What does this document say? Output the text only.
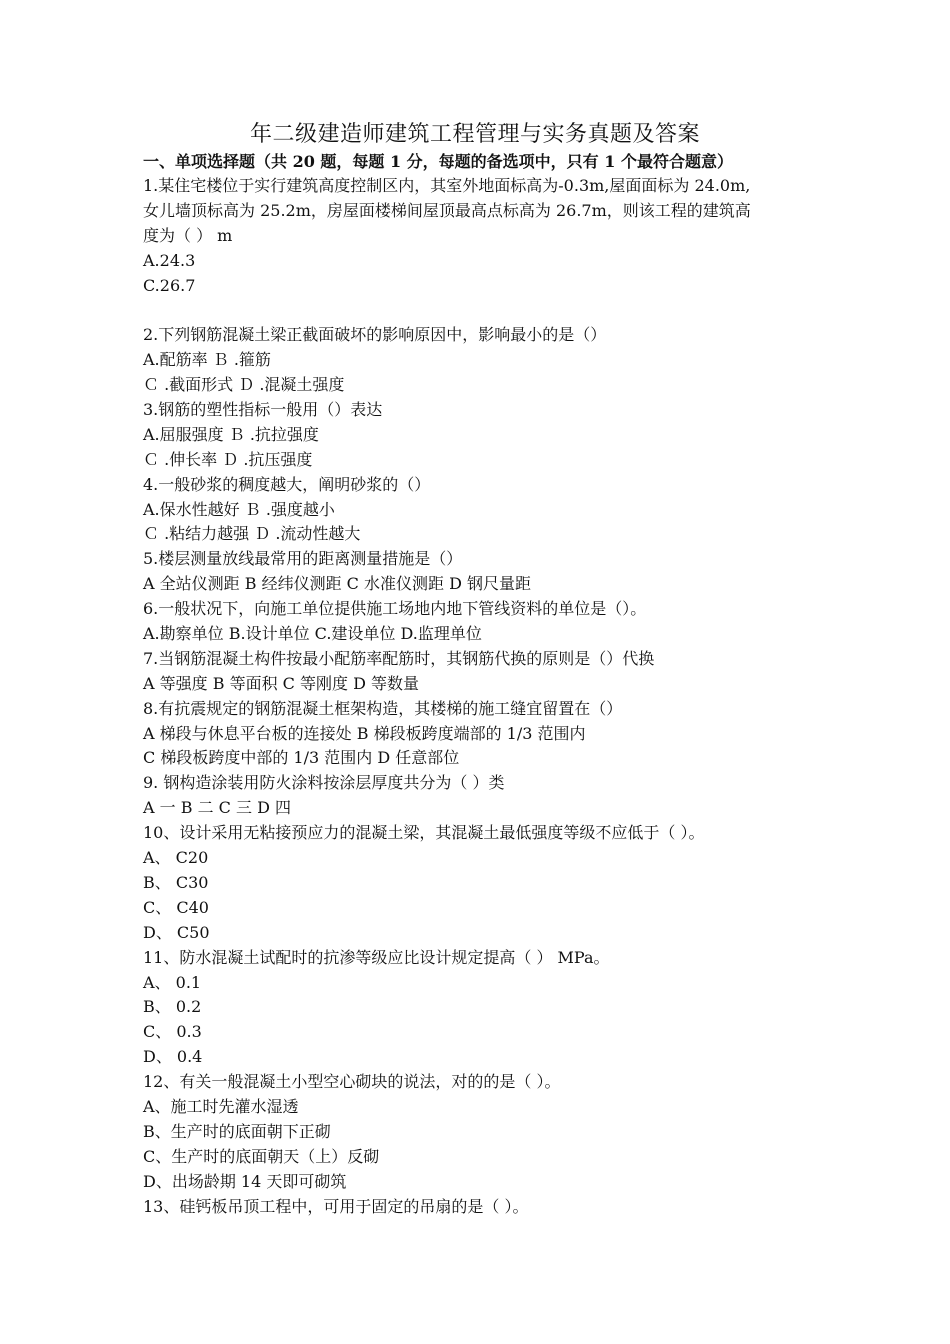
年二级建造师建筑工程管理与实务真题及答案
一、单项选择题（共 20 题，每题 1 分，每题的备选项中，只有 1 个最符合题意）
1.某住宅楼位于实行建筑高度控制区内，其室外地面标高为-0.3m,屋面面标为 24.0m,
女儿墙顶标高为 25.2m，房屋面楼梯间屋顶最高点标高为 26.7m，则该工程的建筑高
度为（ ） m
A.24.3
C.26.7
2.下列钢筋混凝土梁正截面破坏的影响原因中，影响最小的是（）
A.配筋率 Ｂ .箍筋
Ｃ .截面形式 Ｄ .混凝土强度
3.钢筋的塑性指标一般用（）表达
A.屈服强度 Ｂ .抗拉强度
Ｃ .伸长率 Ｄ .抗压强度
4.一般砂浆的稠度越大，阐明砂浆的（）
A.保水性越好 Ｂ .强度越小
Ｃ .粘结力越强 Ｄ .流动性越大
5.楼层测量放线最常用的距离测量措施是（）
A 全站仪测距 B 经纬仪测距 C 水准仪测距 D 钢尺量距
6.一般状况下，向施工单位提供施工场地内地下管线资料的单位是（）。
A.勘察单位 B.设计单位 C.建设单位 D.监理单位
7.当钢筋混凝土构件按最小配筋率配筋时，其钢筋代换的原则是（）代换
A 等强度 B 等面积 C 等刚度 D 等数量
8.有抗震规定的钢筋混凝土框架构造，其楼梯的施工缝宜留置在（）
A 梯段与休息平台板的连接处 B 梯段板跨度端部的 1/3 范围内
C 梯段板跨度中部的 1/3 范围内 D 任意部位
9. 钢构造涂装用防火涂料按涂层厚度共分为（ ）类
A 一 B 二 C 三 D 四
10、设计采用无粘接预应力的混凝土梁，其混凝土最低强度等级不应低于（ ）。
A、 C20
B、 C30
C、 C40
D、 C50
11、防水混凝土试配时的抗渗等级应比设计规定提高（ ） MPa。
A、 0.1
B、 0.2
C、 0.3
D、 0.4
12、有关一般混凝土小型空心砌块的说法，对的的是（ ）。
A、施工时先灌水湿透
B、生产时的底面朝下正砌
C、生产时的底面朝天（上）反砌
D、出场龄期 14 天即可砌筑
13、硅钙板吊顶工程中，可用于固定的吊扇的是（ ）。
